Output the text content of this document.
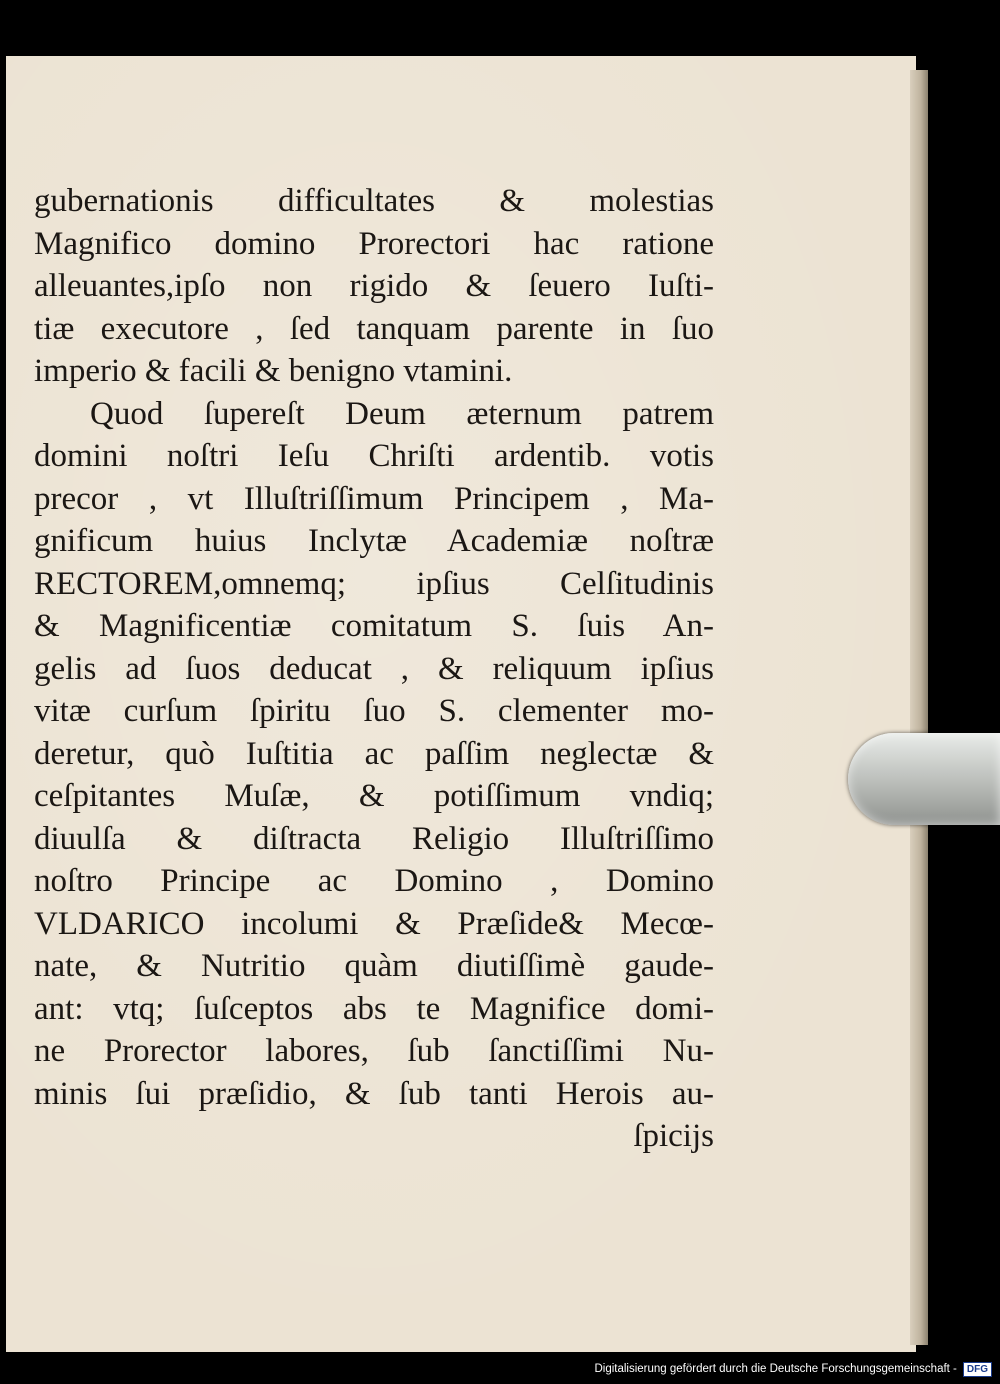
gubernationis difficultates & molestias
Magnifico domino Prorectori hac ratione
alleuantes,ipſo non rigido & ſeuero Iuſti-
tiæ executore , ſed tanquam parente in ſuo
imperio & facili & benigno vtamini.
Quod ſupereſt Deum æternum patrem
domini noſtri Ieſu Chriſti ardentib. votis
precor , vt Illuſtriſſimum Principem , Ma-
gnificum huius Inclytæ Academiæ noſtræ
RECTOREM,omnemq; ipſius Celſitudinis
& Magnificentiæ comitatum S. ſuis An-
gelis ad ſuos deducat , & reliquum ipſius
vitæ curſum ſpiritu ſuo S. clementer mo-
deretur, quò Iuſtitia ac paſſim neglectæ &
ceſpitantes Muſæ, & potiſſimum vndiq;
diuulſa & diſtracta Religio Illuſtriſſimo
noſtro Principe ac Domino , Domino
VLDARICO incolumi & Præſide& Mecœ-
nate, & Nutritio quàm diutiſſimè gaude-
ant: vtq; ſuſceptos abs te Magnifice domi-
ne Prorector labores, ſub ſanctiſſimi Nu-
minis ſui præſidio, & ſub tanti Herois au-
ſpicijs
Digitalisierung gefördert durch die Deutsche Forschungsgemeinschaft -	DFG
